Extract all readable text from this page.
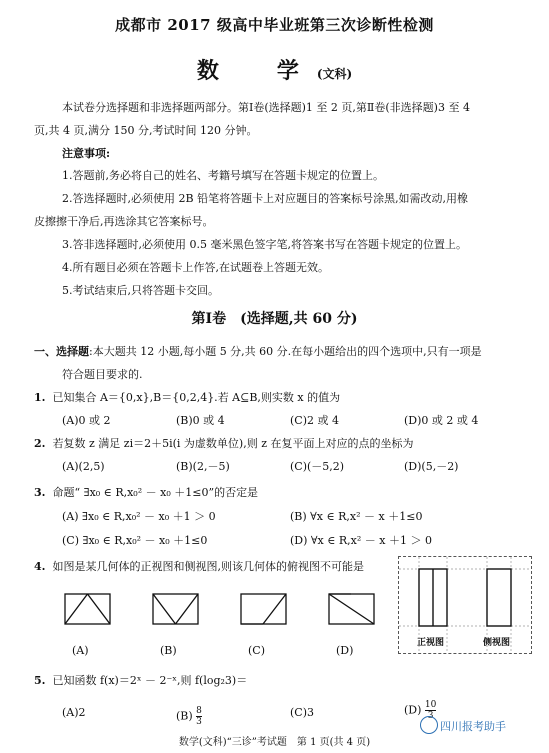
成都市 2017 级高中毕业班第三次诊断性检测
数　学(文科)
本试卷分选择题和非选择题两部分。第Ⅰ卷(选择题)1 至 2 页,第Ⅱ卷(非选择题)3 至 4
页,共 4 页,满分 150 分,考试时间 120 分钟。
注意事项:
1.答题前,务必将自己的姓名、考籍号填写在答题卡规定的位置上。
2.答选择题时,必须使用 2B 铅笔将答题卡上对应题目的答案标号涂黑,如需改动,用橡
皮擦擦干净后,再选涂其它答案标号。
3.答非选择题时,必须使用 0.5 毫米黑色签字笔,将答案书写在答题卡规定的位置上。
4.所有题目必须在答题卡上作答,在试题卷上答题无效。
5.考试结束后,只将答题卡交回。
第Ⅰ卷　(选择题,共 60 分)
一、选择题:本大题共 12 小题,每小题 5 分,共 60 分.在每小题给出的四个选项中,只有一项是
符合题目要求的.
1. 已知集合 A＝{0,x},B＝{0,2,4}.若 A⊆B,则实数 x 的值为
(A)0 或 2	(B)0 或 4	(C)2 或 4	(D)0 或 2 或 4
2. 若复数 z 满足 zi＝2＋5i(i 为虚数单位),则 z 在复平面上对应的点的坐标为
(A)(2,5)	(B)(2,－5)	(C)(－5,2)	(D)(5,－2)
3. 命题“ ∃x₀ ∈ R,x₀² － x₀ ＋1≤0”的否定是
(A) ∃x₀ ∈ R,x₀² － x₀ ＋1 ＞ 0	(B) ∀x ∈ R,x² － x ＋1≤0
(C) ∃x₀ ∈ R,x₀² － x₀ ＋1≤0	(D) ∀x ∈ R,x² － x ＋1 ＞ 0
4. 如图是某几何体的正视图和侧视图,则该几何体的俯视图不可能是
(A)	(B)	(C)	(D)
正视图	侧视图
5. 已知函数 f(x)＝2ˣ － 2⁻ˣ,则 f(log₂3)＝
(A)2	$(B) \frac{8}{3}$	(C)3	$(D) \frac{10}{3}$
四川报考助手
数学(文科)“三诊”考试题　第 1 页(共 4 页)
